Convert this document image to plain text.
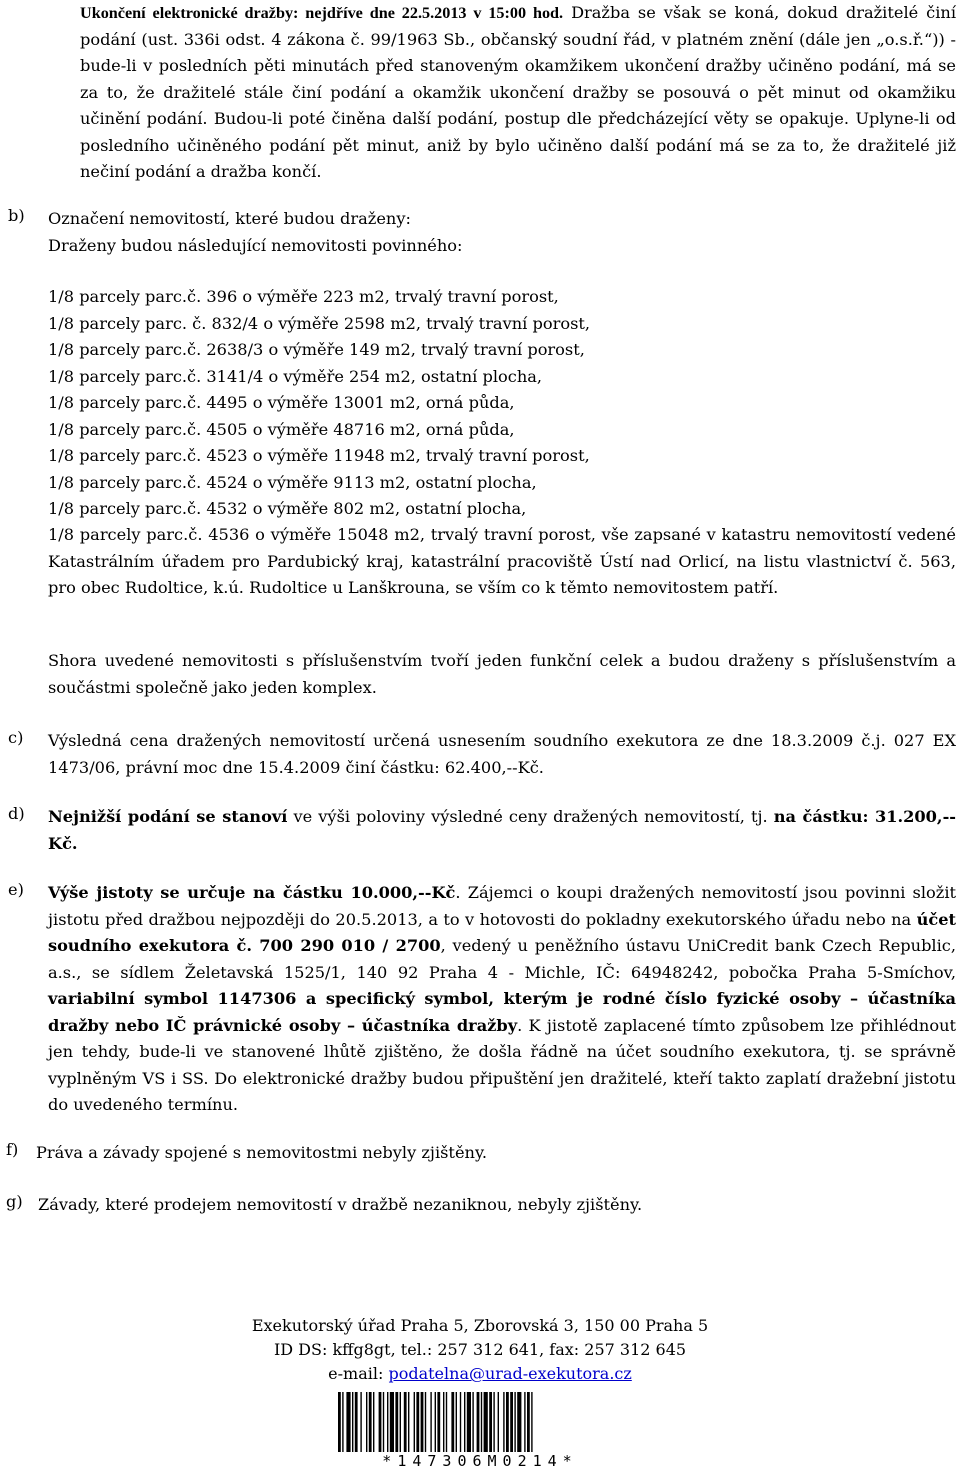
Ukončení elektronické dražby: nejdříve dne 22.5.2013 v 15:00 hod. Dražba se však se koná, dokud dražitelé činí podání (ust. 336i odst. 4 zákona č. 99/1963 Sb., občanský soudní řád, v platném znění (dále jen „o.s.ř.“)) - bude-li v posledních pěti minutách před stanoveným okamžikem ukončení dražby učiněno podání, má se za to, že dražitelé stále činí podání a okamžik ukončení dražby se posouvá o pět minut od okamžiku učinění podání. Budou-li poté činěna další podání, postup dle předcházející věty se opakuje. Uplyne-li od posledního učiněného podání pět minut, aniž by bylo učiněno další podání má se za to, že dražitelé již nečiní podání a dražba končí.
b) Označení nemovitostí, které budou draženy:
Draženy budou následující nemovitosti povinného:
1/8 parcely parc.č. 396 o výměře 223 m2, trvalý travní porost,
1/8 parcely parc. č. 832/4 o výměře 2598 m2, trvalý travní porost,
1/8 parcely parc.č. 2638/3 o výměře 149 m2, trvalý travní porost,
1/8 parcely parc.č. 3141/4 o výměře 254 m2, ostatní plocha,
1/8 parcely parc.č. 4495 o výměře 13001 m2, orná půda,
1/8 parcely parc.č. 4505 o výměře 48716 m2, orná půda,
1/8 parcely parc.č. 4523 o výměře 11948 m2, trvalý travní porost,
1/8 parcely parc.č. 4524 o výměře 9113 m2, ostatní plocha,
1/8 parcely parc.č. 4532 o výměře 802 m2, ostatní plocha,
1/8 parcely parc.č. 4536 o výměře 15048 m2, trvalý travní porost, vše zapsané v katastru nemovitostí vedené Katastrálním úřadem pro Pardubický kraj, katastrální pracoviště Ústí nad Orlicí, na listu vlastnictví č. 563, pro obec Rudoltice, k.ú. Rudoltice u Lanškrouna, se vším co k těmto nemovitostem patří.
Shora uvedené nemovitosti s příslušenstvím tvoří jeden funkční celek a budou draženy s příslušenstvím a součástmi společně jako jeden komplex.
c) Výsledná cena dražených nemovitostí určená usnesením soudního exekutora ze dne 18.3.2009 č.j. 027 EX 1473/06, právní moc dne 15.4.2009 činí částku: 62.400,--Kč.
d) Nejnižší podání se stanoví ve výši poloviny výsledné ceny dražených nemovitostí, tj. na částku: 31.200,--Kč.
e) Výše jistoty se určuje na částku 10.000,--Kč. Zájemci o koupi dražených nemovitostí jsou povinni složit jistotu před dražbou nejpozději do 20.5.2013, a to v hotovosti do pokladny exekutorského úřadu nebo na účet soudního exekutora č. 700 290 010 / 2700, vedený u peněžního ústavu UniCredit bank Czech Republic, a.s., se sídlem Želetavská 1525/1, 140 92 Praha 4 - Michle, IČ: 64948242, pobočka Praha 5-Smíchov, variabilní symbol 1147306 a specifický symbol, kterým je rodné číslo fyzické osoby – účastníka dražby nebo IČ právnické osoby – účastníka dražby. K jistotě zaplacené tímto způsobem lze přihlédnout jen tehdy, bude-li ve stanovené lhůtě zjištěno, že došla řádně na účet soudního exekutora, tj. se správně vyplněným VS i SS. Do elektronické dražby budou připuštění jen dražitelé, kteří takto zaplatí dražební jistotu do uvedeného termínu.
f) Práva a závady spojené s nemovitostmi nebyly zjištěny.
g) Závady, které prodejem nemovitostí v dražbě nezaniknou, nebyly zjištěny.
Exekutorský úřad Praha 5, Zborovská 3, 150 00 Praha 5
ID DS: kffg8gt, tel.: 257 312 641, fax: 257 312 645
e-mail: podatelna@urad-exekutora.cz
*147306M0214*
